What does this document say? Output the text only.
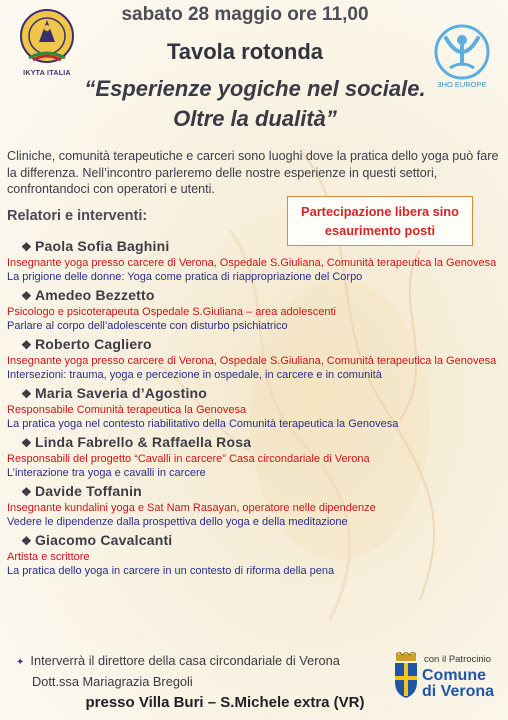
IKYTA ITALIA
3HO EUROPE
sabato 28 maggio ore 11,00
Tavola rotonda
“Esperienze yogiche nel sociale.
Oltre la dualità”
Cliniche, comunità terapeutiche e carceri sono luoghi dove la pratica dello yoga può fare la differenza. Nell’incontro parleremo delle nostre esperienze in questi settori, confrontandoci con operatori e utenti.
Relatori e interventi:	Partecipazione libera sino
esaurimento posti
❖ Paola Sofia Baghini
Insegnante yoga presso carcere di Verona, Ospedale S.Giuliana, Comunità terapeutica la Genovesa
La prigione delle donne: Yoga come pratica di riappropriazione del Corpo
❖ Amedeo Bezzetto
Psicologo e psicoterapeuta Ospedale S.Giuliana – area adolescenti
Parlare al corpo dell’adolescente con disturbo psichiatrico
❖ Roberto Cagliero
Insegnante yoga presso carcere di Verona, Ospedale S.Giuliana, Comunità terapeutica la Genovesa
Intersezioni: trauma, yoga e percezione in ospedale, in carcere e in comunità
❖ Maria Saveria d’Agostino
Responsabile Comunità terapeutica la Genovesa
La pratica yoga nel contesto riabilitativo della Comunità terapeutica la Genovesa
❖ Linda Fabrello & Raffaella Rosa
Responsabili del progetto “Cavalli in carcere” Casa circondariale di Verona
L’interazione tra yoga e cavalli in carcere
❖ Davide Toffanin
Insegnante kundalini yoga e Sat Nam Rasayan, operatore nelle dipendenze
Vedere le dipendenze dalla prospettiva dello yoga e della meditazione
❖ Giacomo Cavalcanti
Artista e scrittore
La pratica dello yoga in carcere in un contesto di riforma della pena
✦ Interverrà il direttore della casa circondariale di Verona
Dott.ssa Mariagrazia Bregoli
con il Patrocinio
Comune
di Verona
presso Villa Buri – S.Michele extra (VR)
